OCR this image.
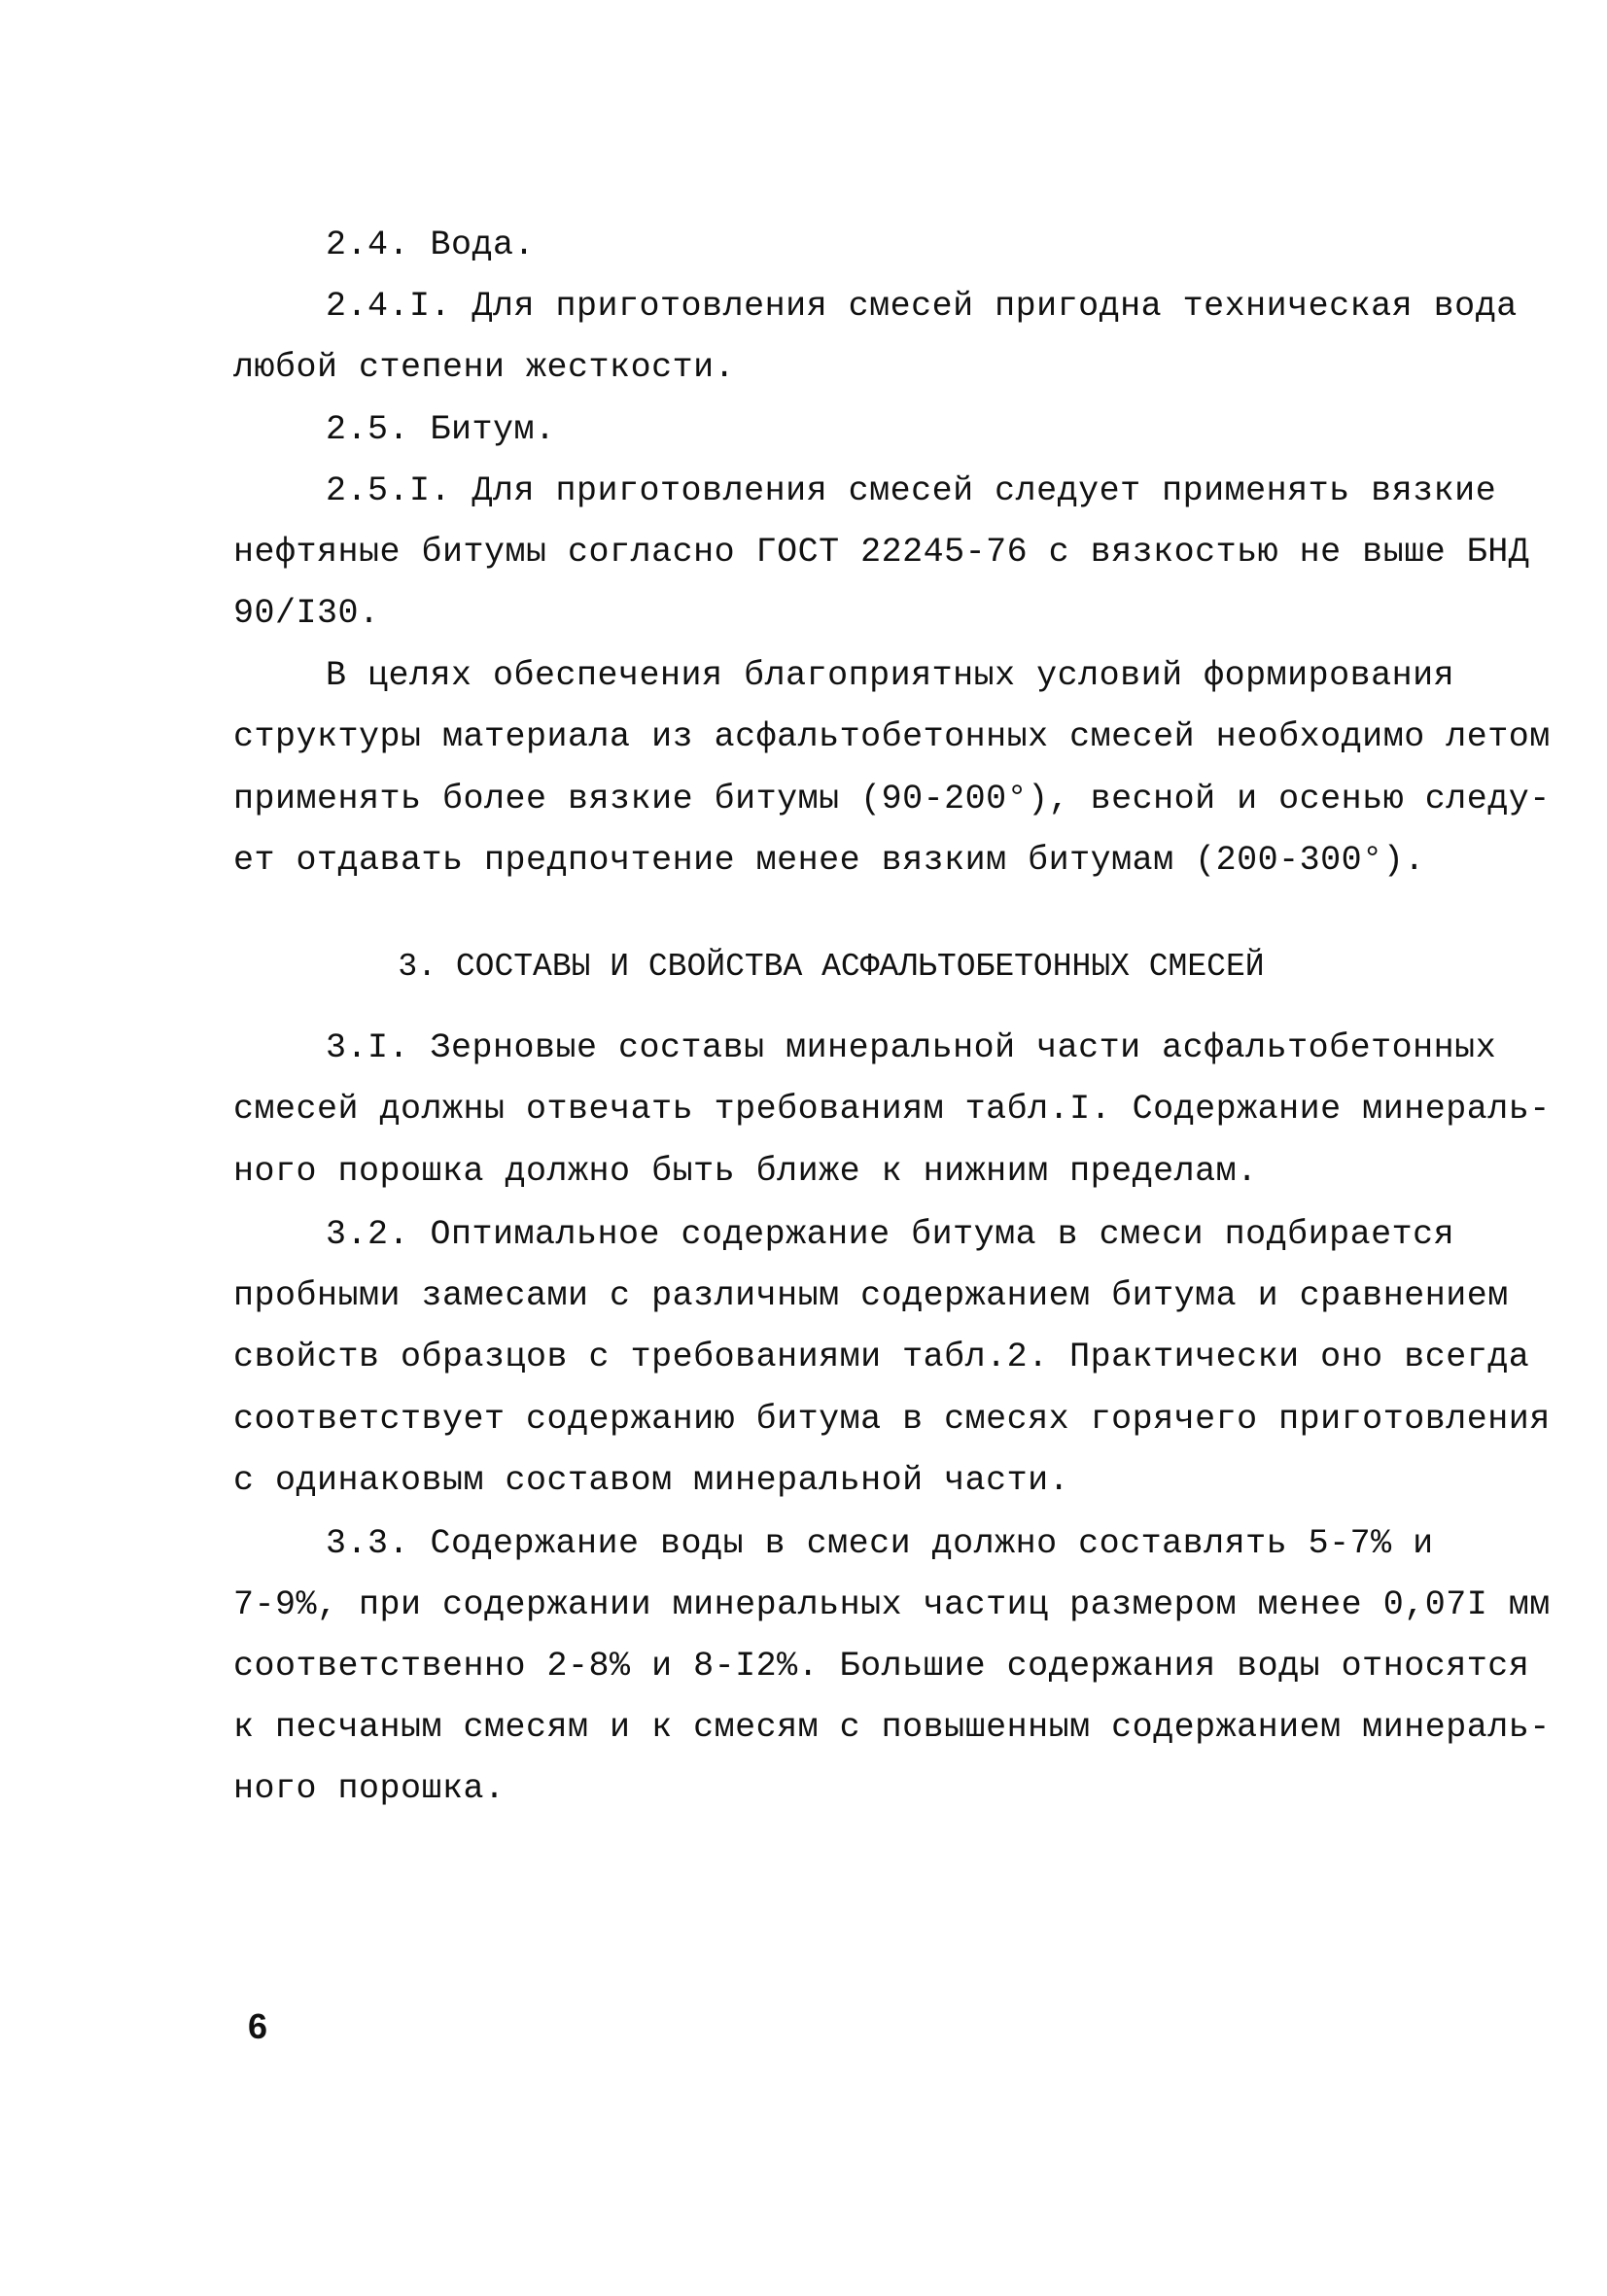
2.4. Вода.
2.4.I. Для приготовления смесей пригодна техническая вода
любой степени жесткости.
2.5. Битум.
2.5.I. Для приготовления смесей следует применять вязкие
нефтяные битумы согласно ГОСТ 22245-76 с вязкостью не выше БНД
90/I30.
В целях обеспечения благоприятных условий формирования
структуры материала из асфальтобетонных смесей необходимо летом
применять более вязкие битумы (90-200°), весной и осенью следу-
ет отдавать предпочтение менее вязким битумам (200-300°).
3. СОСТАВЫ И СВОЙСТВА АСФАЛЬТОБЕТОННЫХ СМЕСЕЙ
3.I. Зерновые составы минеральной части асфальтобетонных
смесей должны отвечать требованиям табл.I. Содержание минераль-
ного порошка должно быть ближе к нижним пределам.
3.2. Оптимальное содержание битума в смеси подбирается
пробными замесами с различным содержанием битума и сравнением
свойств образцов с требованиями табл.2. Практически оно всегда
соответствует содержанию битума в смесях горячего приготовления
с одинаковым составом минеральной части.
3.3. Содержание воды в смеси должно составлять 5-7% и
7-9%, при содержании минеральных частиц размером менее 0,07I мм
соответственно 2-8% и 8-I2%. Большие содержания воды относятся
к песчаным смесям и к смесям с повышенным содержанием минераль-
ного порошка.
6
